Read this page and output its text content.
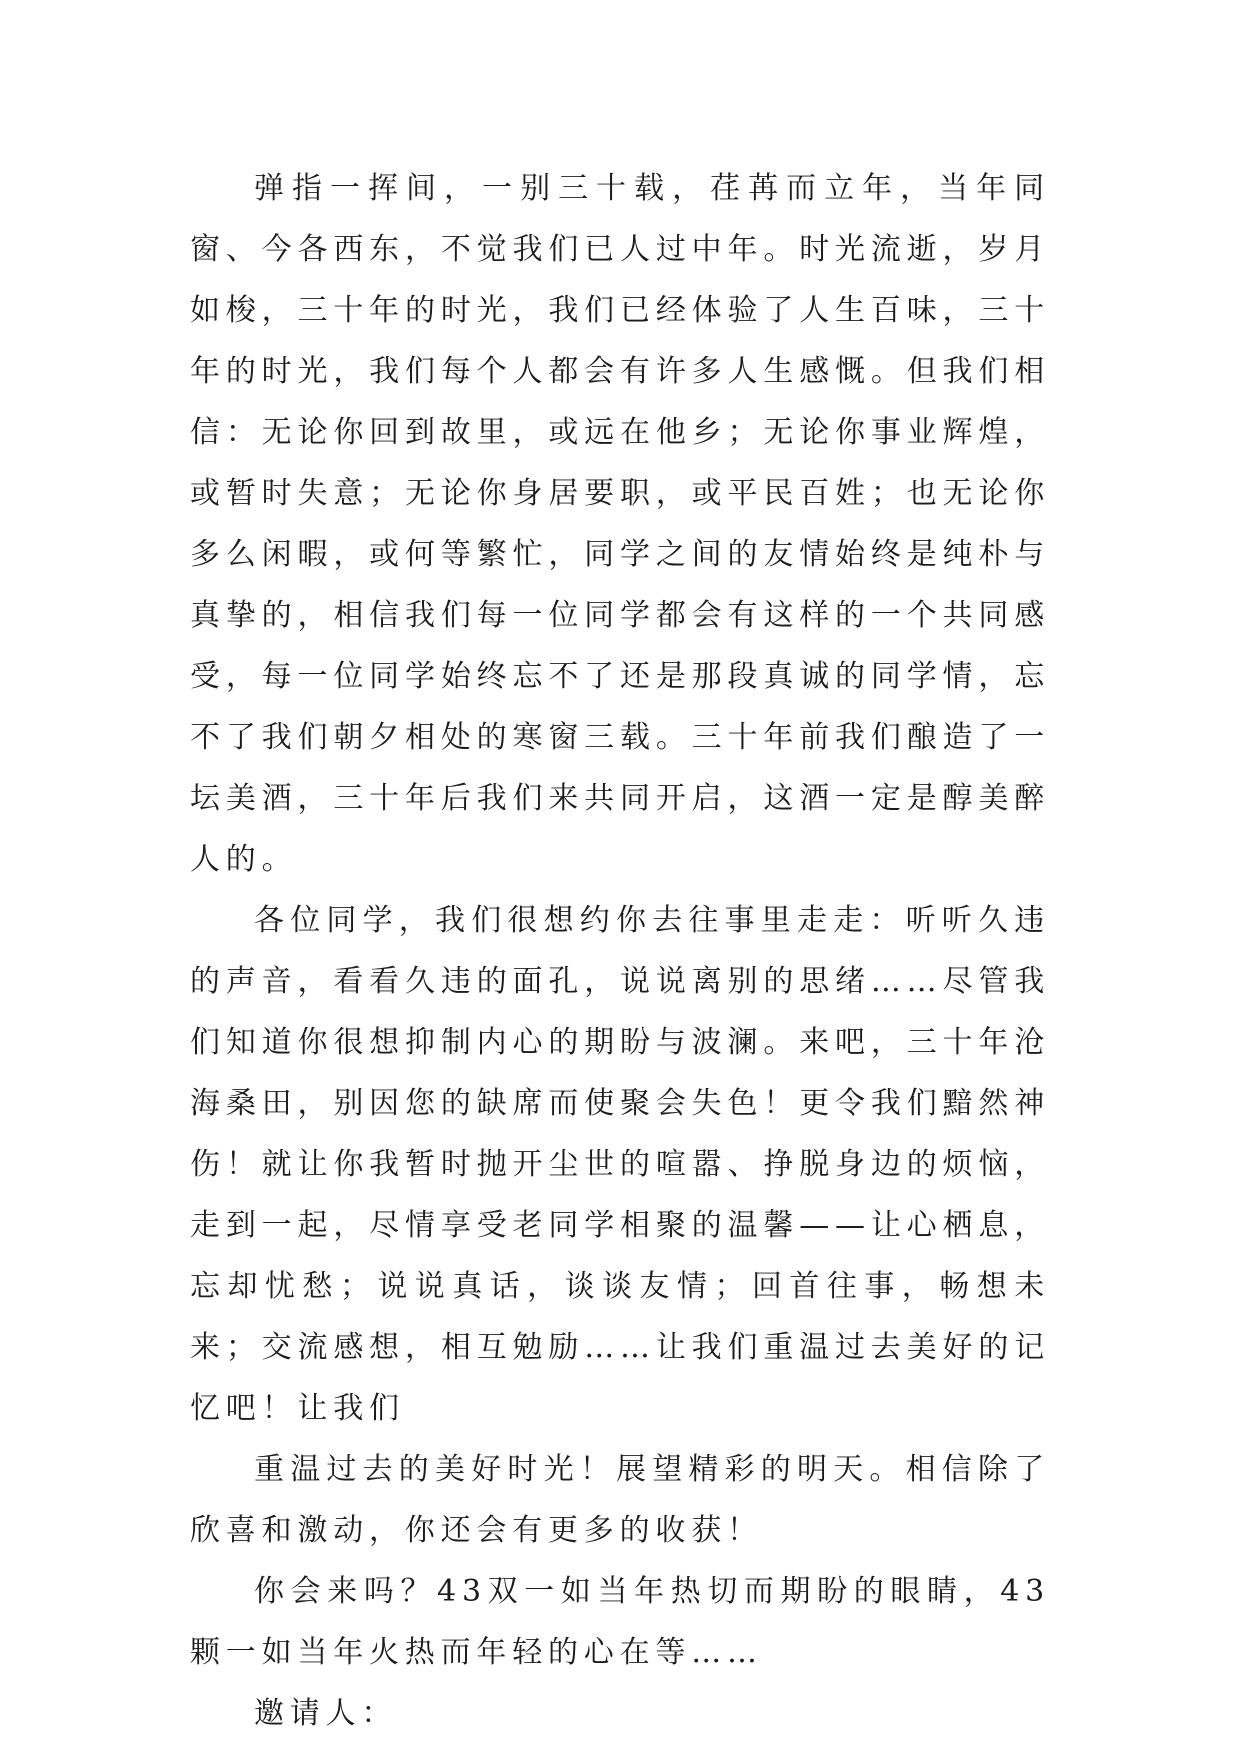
弹指一挥间，一别三十载，荏苒而立年，当年同窗、今各西东，不觉我们已人过中年。时光流逝，岁月如梭，三十年的时光，我们已经体验了人生百味，三十年的时光，我们每个人都会有许多人生感慨。但我们相信：无论你回到故里，或远在他乡；无论你事业辉煌，或暂时失意；无论你身居要职，或平民百姓；也无论你多么闲暇，或何等繁忙，同学之间的友情始终是纯朴与真挚的，相信我们每一位同学都会有这样的一个共同感受，每一位同学始终忘不了还是那段真诚的同学情，忘不了我们朝夕相处的寒窗三载。三十年前我们酿造了一坛美酒，三十年后我们来共同开启，这酒一定是醇美醉人的。

各位同学，我们很想约你去往事里走走：听听久违的声音，看看久违的面孔，说说离别的思绪……尽管我们知道你很想抑制内心的期盼与波澜。来吧，三十年沧海桑田，别因您的缺席而使聚会失色！更令我们黯然神伤！就让你我暂时抛开尘世的喧嚣、挣脱身边的烦恼，走到一起，尽情享受老同学相聚的温馨——让心栖息，忘却忧愁；说说真话，谈谈友情；回首往事，畅想未来；交流感想，相互勉励……让我们重温过去美好的记忆吧！让我们

重温过去的美好时光！展望精彩的明天。相信除了欣喜和激动，你还会有更多的收获！

你会来吗？43双一如当年热切而期盼的眼睛，43颗一如当年火热而年轻的心在等……

邀请人：
